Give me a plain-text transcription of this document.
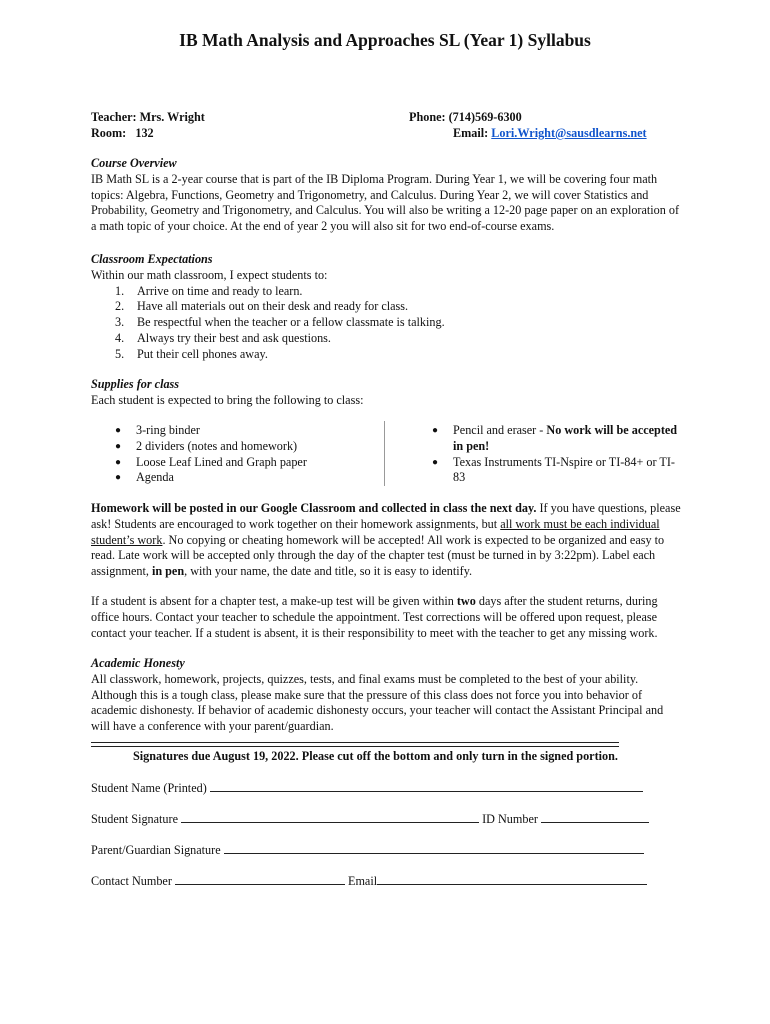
IB Math Analysis and Approaches SL (Year 1) Syllabus
Teacher: Mrs. Wright
Room: 132
Phone: (714)569-6300
Email: Lori.Wright@sausdlearns.net
Course Overview
IB Math SL is a 2-year course that is part of the IB Diploma Program. During Year 1, we will be covering four math topics: Algebra, Functions, Geometry and Trigonometry, and Calculus. During Year 2, we will cover Statistics and Probability, Geometry and Trigonometry, and Calculus. You will also be writing a 12-20 page paper on an exploration of a math topic of your choice. At the end of year 2 you will also sit for two end-of-course exams.
Classroom Expectations
Within our math classroom, I expect students to:
1. Arrive on time and ready to learn.
2. Have all materials out on their desk and ready for class.
3. Be respectful when the teacher or a fellow classmate is talking.
4. Always try their best and ask questions.
5. Put their cell phones away.
Supplies for class
Each student is expected to bring the following to class:
● 3-ring binder
● 2 dividers (notes and homework)
● Loose Leaf Lined and Graph paper
● Agenda
● Pencil and eraser - No work will be accepted in pen!
● Texas Instruments TI-Nspire or TI-84+ or TI-83
Homework will be posted in our Google Classroom and collected in class the next day. If you have questions, please ask! Students are encouraged to work together on their homework assignments, but all work must be each individual student’s work. No copying or cheating homework will be accepted! All work is expected to be organized and easy to read. Late work will be accepted only through the day of the chapter test (must be turned in by 3:22pm). Label each assignment, in pen, with your name, the date and title, so it is easy to identify.
If a student is absent for a chapter test, a make-up test will be given within two days after the student returns, during office hours. Contact your teacher to schedule the appointment. Test corrections will be offered upon request, please contact your teacher. If a student is absent, it is their responsibility to meet with the teacher to get any missing work.
Academic Honesty
All classwork, homework, projects, quizzes, tests, and final exams must be completed to the best of your ability. Although this is a tough class, please make sure that the pressure of this class does not force you into behavior of academic dishonesty. If behavior of academic dishonesty occurs, your teacher will contact the Assistant Principal and will have a conference with your parent/guardian.
Signatures due August 19, 2022. Please cut off the bottom and only turn in the signed portion.
Student Name (Printed)
Student Signature	ID Number
Parent/Guardian Signature
Contact Number	Email
